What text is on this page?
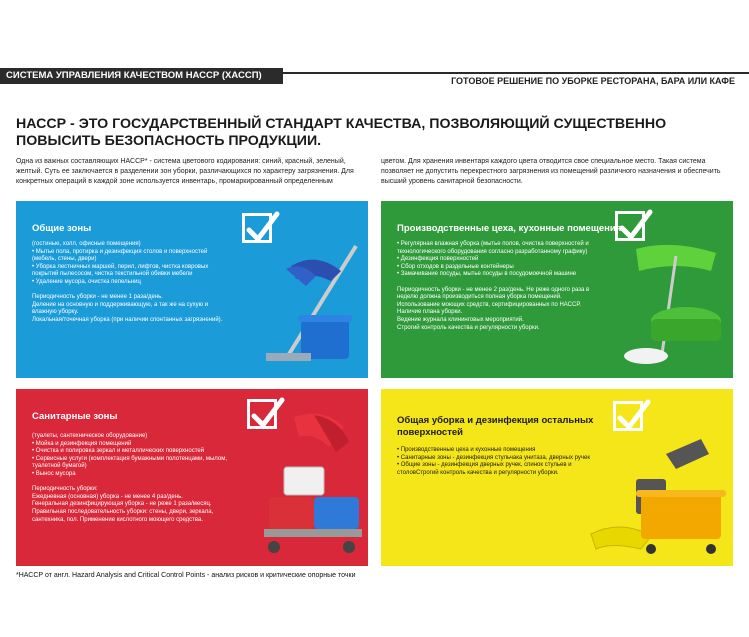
СИСТЕМА УПРАВЛЕНИЯ КАЧЕСТВОМ НАССР (ХАССП)	ГОТОВОЕ РЕШЕНИЕ ПО УБОРКЕ РЕСТОРАНА, БАРА ИЛИ КАФЕ
НАССР - ЭТО ГОСУДАРСТВЕННЫЙ СТАНДАРТ КАЧЕСТВА, ПОЗВОЛЯЮЩИЙ СУЩЕСТВЕННО ПОВЫСИТЬ БЕЗОПАСНОСТЬ ПРОДУКЦИИ.
Одна из важных составляющих НАССР* - система цветового кодирования: синий, красный, зеленый, желтый. Суть ее заключается в разделении зон уборки, различающихся по характеру загрязнения. Для конкретных операций в каждой зоне используется инвентарь, промаркированный определенным
цветом. Для хранения инвентаря каждого цвета отводится свое специальное место. Такая система позволяет не допустить перекрестного загрязнения из помещений различного назначения и обеспечить высший уровень санитарной безопасности.
Общие зоны
(гостиные, холл, офисные помещения)
• Мытье пола, протирка и дезинфекция столов и поверхностей (мебель, стены, двери)
• Уборка лестничных маршей, перил, лифтов, чистка ковровых покрытий пылесосом, чистка текстильной обивки мебели
• Удаление мусора, очистка пепельниц

Периодичность уборки - не менее 1 раза/день.
Деление на основную и поддерживающую, а так же на сухую и влажную уборку.
Локальная/точечная уборка (при наличии спонтанных загрязнений).
Производственные цеха, кухонные помещения
• Регулярная влажная уборка (мытье полов, очистка поверхностей и технологического оборудования согласно разработанному графику)
• Дезинфекция поверхностей
• Сбор отходов в раздельные контейнеры
• Замачивание посуды, мытье посуды в посудомоечной машине

Периодичность уборки - не менее 2 раз/день. Не реже одного раза в неделю должна производиться полная уборка помещений.
Использование моющих средств, сертифицированных по НАССР.
Наличие плана уборки.
Ведение журнала клининговых мероприятий.
Строгий контроль качества и регулярности уборки.
Санитарные зоны
(туалеты, сантехническое оборудование)
• Мойка и дезинфекция помещений
• Очистка и полировка зеркал и металлических поверхностей
• Сервисные услуги (комплектация бумажными полотенцами, мылом, туалетной бумагой)
• Вынос мусора

Периодичность уборки:
Ежедневная (основная) уборка - не менее 4 раз/день.
Генеральная дезинфицирующая уборка - не реже 1 раза/месяц.
Правильная последовательность уборки: стены, двери, зеркала, сантехника, пол. Применение кислотного моющего средства.
Общая уборка и дезинфекция остальных поверхностей
• Производственные цеха и кухонные помещения
• Санитарные зоны - дезинфекция стульчака унитаза, дверных ручек
• Общие зоны - дезинфекция дверных ручек, спинок стульев и столовСтрогий контроль качества и регулярности уборки.
*НАССР от англ. Hazard Analysis and Critical Control Points - анализ рисков и критические опорные точки
